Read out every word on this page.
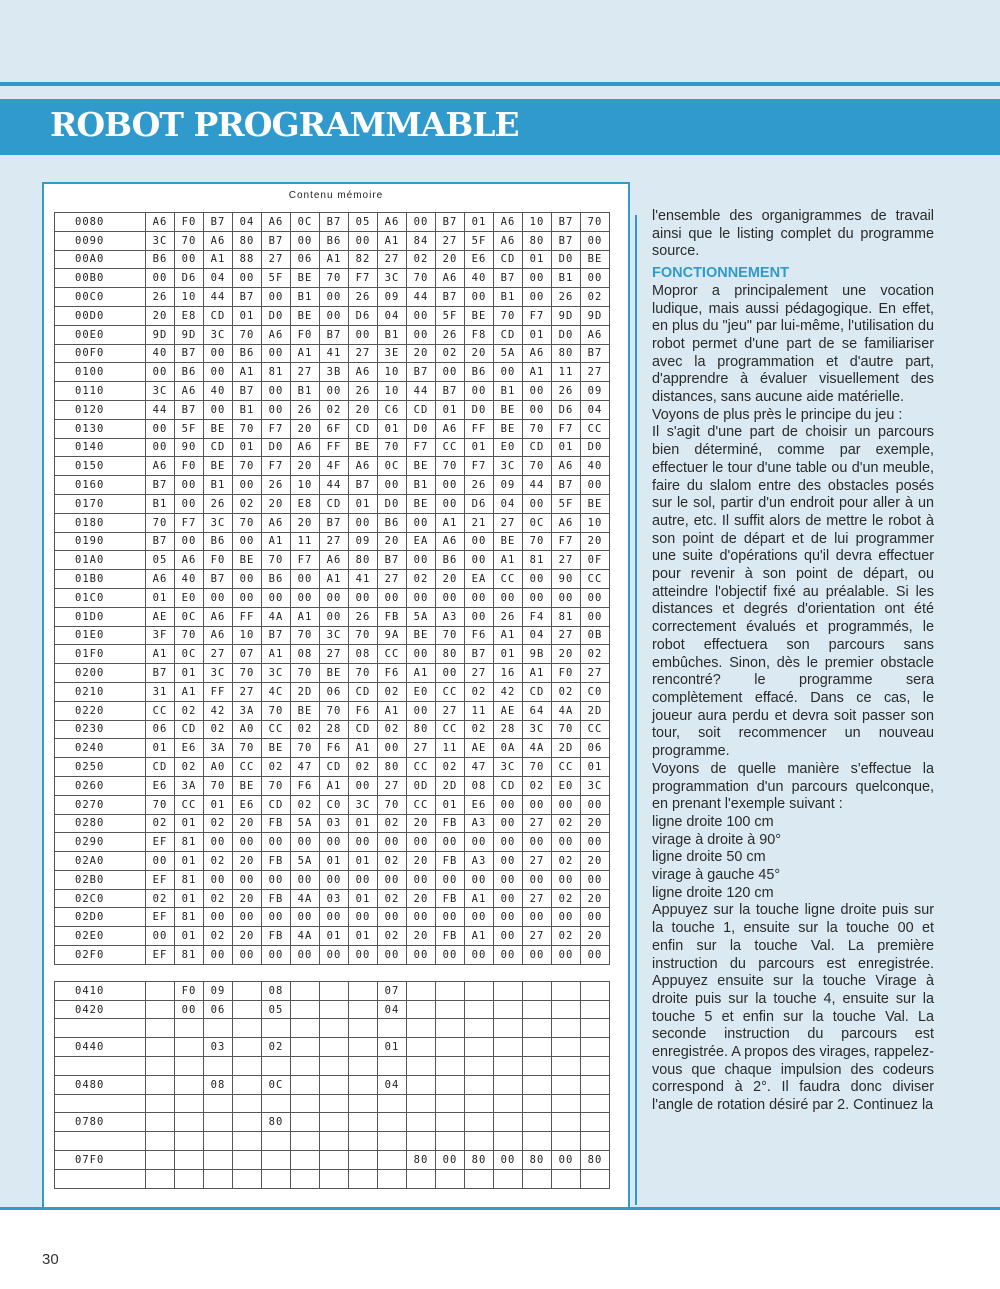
ROBOT PROGRAMMABLE
Contenu mémoire
0080	A6	F0	B7	04	A6	0C	B7	05	A6	00	B7	01	A6	10	B7	70
0090	3C	70	A6	80	B7	00	B6	00	A1	84	27	5F	A6	80	B7	00
00A0	B6	00	A1	88	27	06	A1	82	27	02	20	E6	CD	01	D0	BE
00B0	00	D6	04	00	5F	BE	70	F7	3C	70	A6	40	B7	00	B1	00
00C0	26	10	44	B7	00	B1	00	26	09	44	B7	00	B1	00	26	02
00D0	20	E8	CD	01	D0	BE	00	D6	04	00	5F	BE	70	F7	9D	9D
00E0	9D	9D	3C	70	A6	F0	B7	00	B1	00	26	F8	CD	01	D0	A6
00F0	40	B7	00	B6	00	A1	41	27	3E	20	02	20	5A	A6	80	B7
0100	00	B6	00	A1	81	27	3B	A6	10	B7	00	B6	00	A1	11	27
0110	3C	A6	40	B7	00	B1	00	26	10	44	B7	00	B1	00	26	09
0120	44	B7	00	B1	00	26	02	20	C6	CD	01	D0	BE	00	D6	04
0130	00	5F	BE	70	F7	20	6F	CD	01	D0	A6	FF	BE	70	F7	CC
0140	00	90	CD	01	D0	A6	FF	BE	70	F7	CC	01	E0	CD	01	D0
0150	A6	F0	BE	70	F7	20	4F	A6	0C	BE	70	F7	3C	70	A6	40
0160	B7	00	B1	00	26	10	44	B7	00	B1	00	26	09	44	B7	00
0170	B1	00	26	02	20	E8	CD	01	D0	BE	00	D6	04	00	5F	BE
0180	70	F7	3C	70	A6	20	B7	00	B6	00	A1	21	27	0C	A6	10
0190	B7	00	B6	00	A1	11	27	09	20	EA	A6	00	BE	70	F7	20
01A0	05	A6	F0	BE	70	F7	A6	80	B7	00	B6	00	A1	81	27	0F
01B0	A6	40	B7	00	B6	00	A1	41	27	02	20	EA	CC	00	90	CC
01C0	01	E0	00	00	00	00	00	00	00	00	00	00	00	00	00	00
01D0	AE	0C	A6	FF	4A	A1	00	26	FB	5A	A3	00	26	F4	81	00
01E0	3F	70	A6	10	B7	70	3C	70	9A	BE	70	F6	A1	04	27	0B
01F0	A1	0C	27	07	A1	08	27	08	CC	00	80	B7	01	9B	20	02
0200	B7	01	3C	70	3C	70	BE	70	F6	A1	00	27	16	A1	F0	27
0210	31	A1	FF	27	4C	2D	06	CD	02	E0	CC	02	42	CD	02	C0
0220	CC	02	42	3A	70	BE	70	F6	A1	00	27	11	AE	64	4A	2D
0230	06	CD	02	A0	CC	02	28	CD	02	80	CC	02	28	3C	70	CC
0240	01	E6	3A	70	BE	70	F6	A1	00	27	11	AE	0A	4A	2D	06
0250	CD	02	A0	CC	02	47	CD	02	80	CC	02	47	3C	70	CC	01
0260	E6	3A	70	BE	70	F6	A1	00	27	0D	2D	08	CD	02	E0	3C
0270	70	CC	01	E6	CD	02	C0	3C	70	CC	01	E6	00	00	00	00
0280	02	01	02	20	FB	5A	03	01	02	20	FB	A3	00	27	02	20
0290	EF	81	00	00	00	00	00	00	00	00	00	00	00	00	00	00
02A0	00	01	02	20	FB	5A	01	01	02	20	FB	A3	00	27	02	20
02B0	EF	81	00	00	00	00	00	00	00	00	00	00	00	00	00	00
02C0	02	01	02	20	FB	4A	03	01	02	20	FB	A1	00	27	02	20
02D0	EF	81	00	00	00	00	00	00	00	00	00	00	00	00	00	00
02E0	00	01	02	20	FB	4A	01	01	02	20	FB	A1	00	27	02	20
02F0	EF	81	00	00	00	00	00	00	00	00	00	00	00	00	00	00

0410		F0	09		08				07							
0420		00	06		05				04							

0440			03		02				01							

0480			08		0C				04							

0780					80											

07F0										80	00	80	00	80	00	80

l'ensemble des organigrammes de travail ainsi que le listing complet du programme source.

FONCTIONNEMENT

Mopror a principalement une vocation ludique, mais aussi pédagogique. En effet, en plus du "jeu" par lui-même, l'utilisation du robot permet d'une part de se familiariser avec la programmation et d'autre part, d'apprendre à évaluer visuellement des distances, sans aucune aide matérielle.

Voyons de plus près le principe du jeu :

Il s'agit d'une part de choisir un parcours bien déterminé, comme par exemple, effectuer le tour d'une table ou d'un meuble, faire du slalom entre des obstacles posés sur le sol, partir d'un endroit pour aller à un autre, etc. Il suffit alors de mettre le robot à son point de départ et de lui programmer une suite d'opérations qu'il devra effectuer pour revenir à son point de départ, ou atteindre l'objectif fixé au préalable. Si les distances et degrés d'orientation ont été correctement évalués et programmés, le robot effectuera son parcours sans embûches. Sinon, dès le premier obstacle rencontré? le programme sera complètement effacé. Dans ce cas, le joueur aura perdu et devra soit passer son tour, soit recommencer un nouveau programme.

Voyons de quelle manière s'effectue la programmation d'un parcours quelconque, en prenant l'exemple suivant :

ligne droite 100 cm

virage à droite à 90°

ligne droite 50 cm

virage à gauche 45°

ligne droite 120 cm

Appuyez sur la touche ligne droite puis sur la touche 1, ensuite sur la touche 00 et enfin sur la touche Val. La première instruction du parcours est enregistrée. Appuyez ensuite sur la touche Virage à droite puis sur la touche 4, ensuite sur la touche 5 et enfin sur la touche Val. La seconde instruction du parcours est enregistrée. A propos des virages, rappelez-vous que chaque impulsion des codeurs correspond à 2°. Il faudra donc diviser l'angle de rotation désiré par 2. Continuez la

30
